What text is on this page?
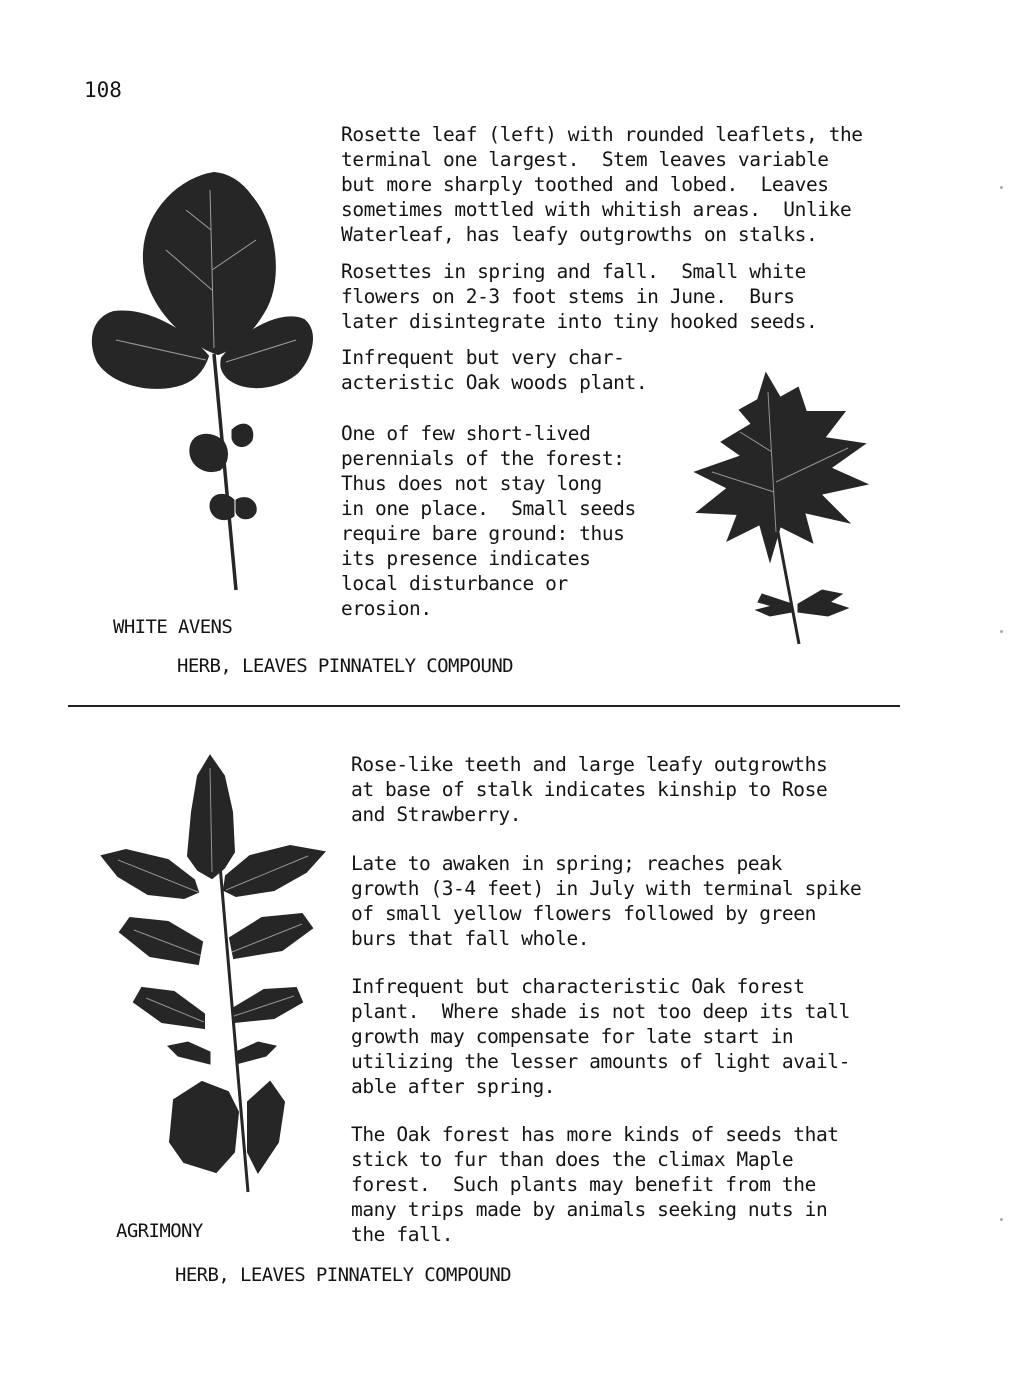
108
Rosette leaf (left) with rounded leaflets, the
terminal one largest.  Stem leaves variable
but more sharply toothed and lobed.  Leaves
sometimes mottled with whitish areas.  Unlike
Waterleaf, has leafy outgrowths on stalks.
Rosettes in spring and fall.  Small white
flowers on 2-3 foot stems in June.  Burs
later disintegrate into tiny hooked seeds.
Infrequent but very char-
acteristic Oak woods plant.
One of few short-lived
perennials of the forest:
Thus does not stay long
in one place.  Small seeds
require bare ground: thus
its presence indicates
local disturbance or
erosion.
WHITE AVENS
HERB, LEAVES PINNATELY COMPOUND
Rose-like teeth and large leafy outgrowths
at base of stalk indicates kinship to Rose
and Strawberry.
Late to awaken in spring; reaches peak
growth (3-4 feet) in July with terminal spike
of small yellow flowers followed by green
burs that fall whole.
Infrequent but characteristic Oak forest
plant.  Where shade is not too deep its tall
growth may compensate for late start in
utilizing the lesser amounts of light avail-
able after spring.
The Oak forest has more kinds of seeds that
stick to fur than does the climax Maple
forest.  Such plants may benefit from the
many trips made by animals seeking nuts in
the fall.
AGRIMONY
HERB, LEAVES PINNATELY COMPOUND
